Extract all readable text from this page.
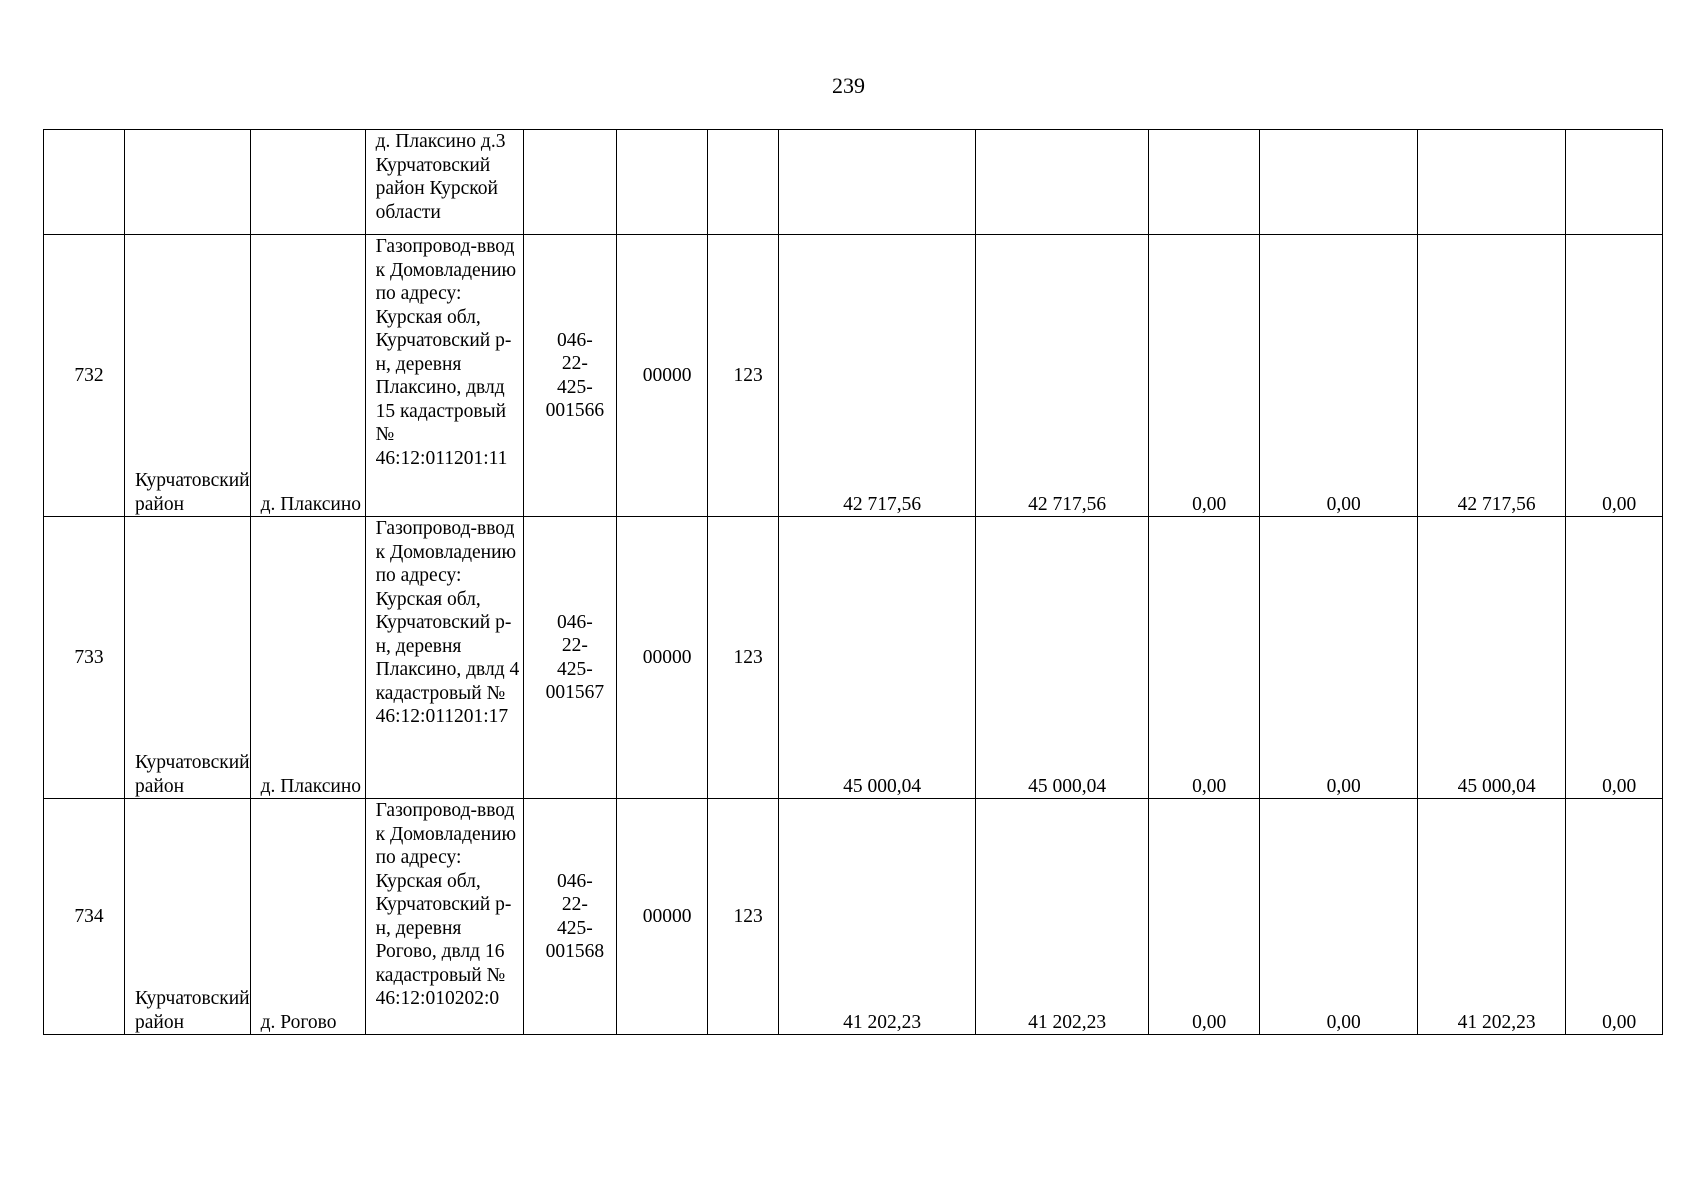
239

			д. Плаксино д.3 Курчатовский район Курской области									

732	Курчатовский район	д. Плаксино	Газопровод-ввод к Домовладению по адресу: Курская обл, Курчатовский р-н, деревня Плаксино, двлд 15 кадастровый № 46:12:011201:11	046-22-425-001566	00000	123	42 717,56	42 717,56	0,00	0,00	42 717,56	0,00
733	Курчатовский район	д. Плаксино	Газопровод-ввод к Домовладению по адресу: Курская обл, Курчатовский р-н, деревня Плаксино, двлд 4 кадастровый № 46:12:011201:17	046-22-425-001567	00000	123	45 000,04	45 000,04	0,00	0,00	45 000,04	0,00
734	Курчатовский район	д. Рогово	Газопровод-ввод к Домовладению по адресу: Курская обл, Курчатовский р-н, деревня Рогово, двлд 16 кадастровый № 46:12:010202:0	046-22-425-001568	00000	123	41 202,23	41 202,23	0,00	0,00	41 202,23	0,00
